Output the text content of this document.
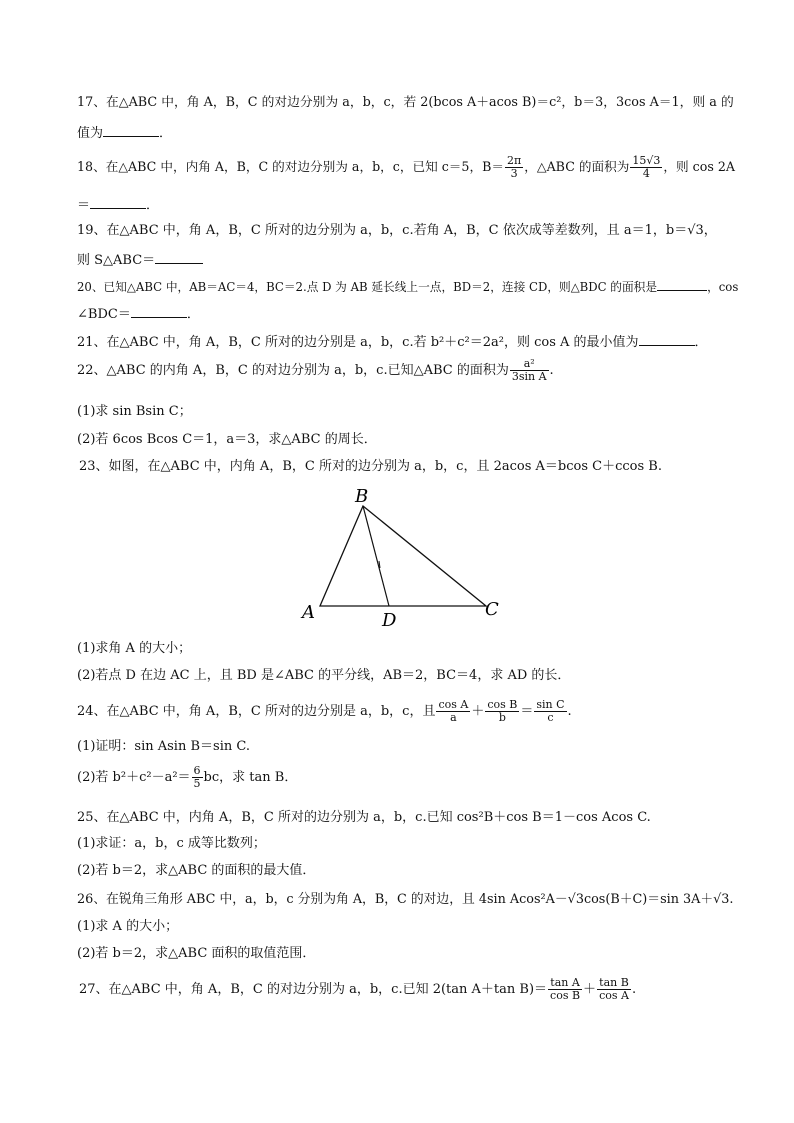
17、在△ABC 中，角 A，B，C 的对边分别为 a，b，c，若 2(bcos A＋acos B)＝c²，b＝3，3cos A＝1，则 a 的
值为	．
18、在△ABC 中，内角 A，B，C 的对边分别为 a，b，c，已知 c＝5，$B= \frac{2\pi}{3}$ ，△ABC 的面积为 $\frac{15√3}{4}$ ，则 cos 2A
＝	．
19、在△ABC 中，角 A，B，C 所对的边分别为 a，b，c.若角 A，B，C 依次成等差数列，且 a＝1，b＝√3，
则 S△ABC＝
20、已知△ABC 中，AB＝AC＝4，BC＝2.点 D 为 AB 延长线上一点，BD＝2，连接 CD，则△BDC 的面积是	，cos
∠BDC＝	．
21、在△ABC 中，角 A，B，C 所对的边分别是 a，b，c.若 b²＋c²＝2a²，则 cos A 的最小值为	．
22、△ABC 的内角 A，B，C 的对边分别为 a，b，c.已知△ABC 的面积为 $\frac{\text{a²}}{\text{3sin A}}$ .
(1)求 sin Bsin C；
(2)若 6cos Bcos C＝1，a＝3，求△ABC 的周长．
23、如图，在△ABC 中，内角 A，B，C 所对的边分别为 a，b，c，且 2acos A＝bcos C＋ccos B.
B
A	D
C
(1)求角 A 的大小；
(2)若点 D 在边 AC 上，且 BD 是∠ABC 的平分线，AB＝2，BC＝4，求 AD 的长．
24、在△ABC 中，角 A，B，C 所对的边分别是 a，b，c，且 $\frac{\text{cos A}}{a} + \frac{\text{cos B}}{b} = \frac{\text{sin C}}{c}$ .
(1)证明：sin Asin B＝sin C.
(2)若 $b^2+c^2-a^2= \frac{6}{5}$ bc，求 tan B．
25、在△ABC 中，内角 A，B，C 所对的边分别为 a，b，c.已知 cos²B＋cos B＝1－cos Acos C.
(1)求证：a，b，c 成等比数列；
(2)若 b＝2，求△ABC 的面积的最大值．
26、在锐角三角形 ABC 中，a，b，c 分别为角 A，B，C 的对边，且 4sin Acos²A－√3cos(B＋C)＝sin 3A＋√3.
(1)求 A 的大小；
(2)若 b＝2，求△ABC 面积的取值范围．
27、在△ABC 中，角 A，B，C 的对边分别为 a，b，c.已知 2(tan A＋tan $B)= \frac{\text{tan A}}{\text{cos B}} + \frac{\text{tan B}}{\text{cos A}}$ .
